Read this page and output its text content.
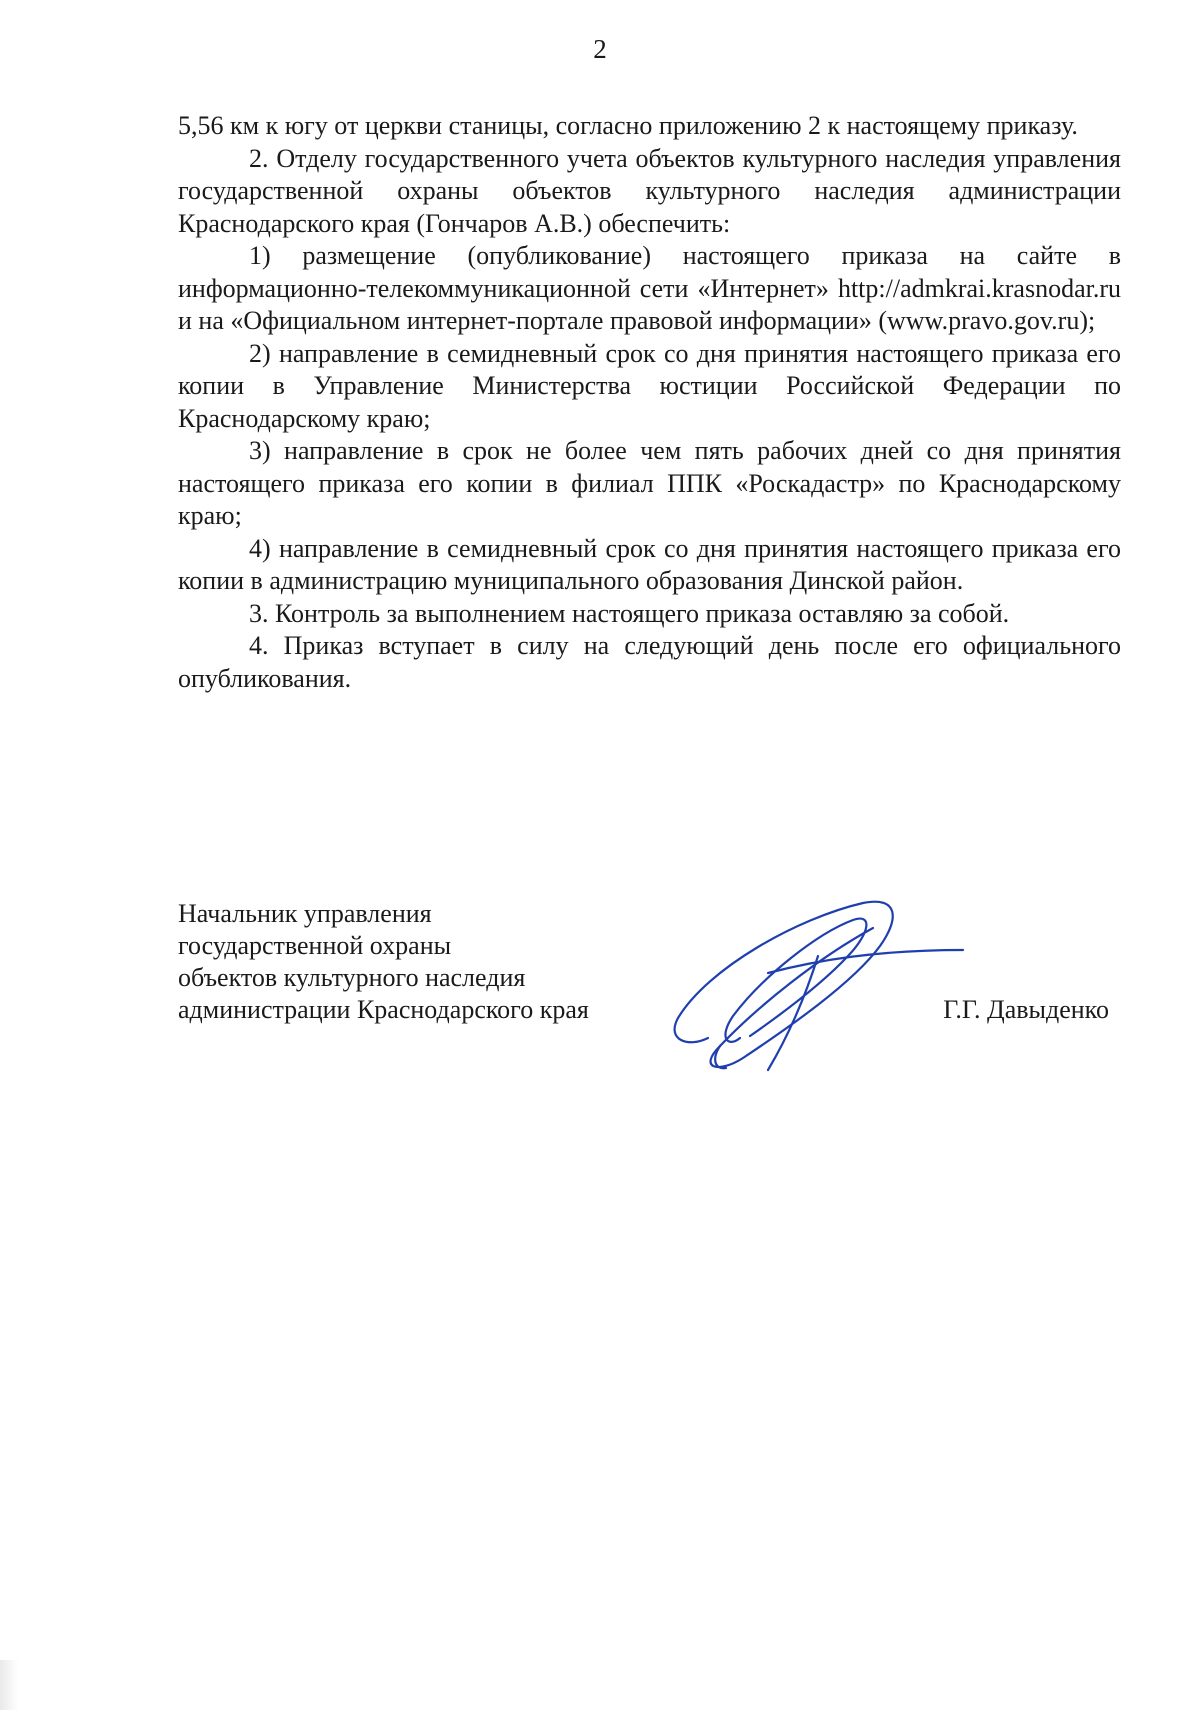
2

5,56 км к югу от церкви станицы, согласно приложению 2 к настоящему приказу.

2. Отделу государственного учета объектов культурного наследия управления государственной охраны объектов культурного наследия администрации Краснодарского края (Гончаров А.В.) обеспечить:

1) размещение (опубликование) настоящего приказа на сайте в информационно-телекоммуникационной сети «Интернет» http://admkrai.krasnodar.ru и на «Официальном интернет-портале правовой информации» (www.pravo.gov.ru);

2) направление в семидневный срок со дня принятия настоящего приказа его копии в Управление Министерства юстиции Российской Федерации по Краснодарскому краю;

3) направление в срок не более чем пять рабочих дней со дня принятия настоящего приказа его копии в филиал ППК «Роскадастр» по Краснодарскому краю;

4) направление в семидневный срок со дня принятия настоящего приказа его копии в администрацию муниципального образования Динской район.

3. Контроль за выполнением настоящего приказа оставляю за собой.

4. Приказ вступает в силу на следующий день после его официального опубликования.

Начальник управления
государственной охраны
объектов культурного наследия
администрации Краснодарского края	Г.Г. Давыденко
